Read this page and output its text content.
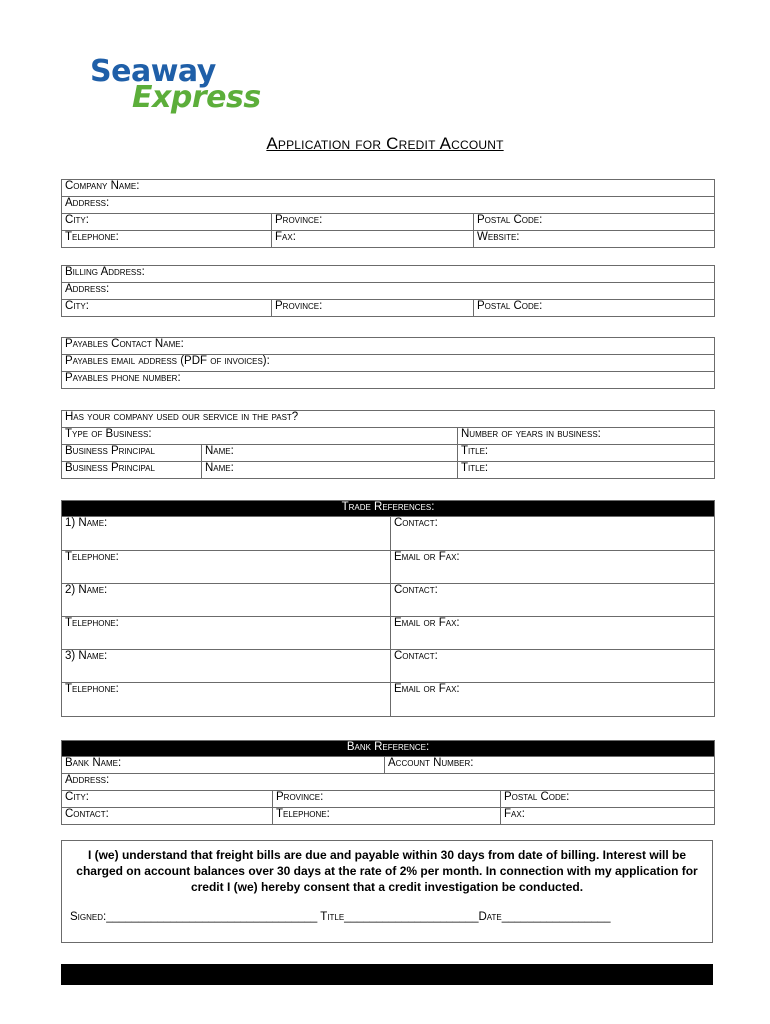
Seaway
Express
Application for Credit Account
Company Name:		
Address:		
City:	Province:	Postal Code:
Telephone:	Fax:	Website:
Billing Address:
Address:
City:	Province:	Postal Code:
Payables Contact Name:
Payables email address (PDF of invoices):
Payables phone number:
Has your company used our service in the past?		
Type of Business:		Number of years in business:
Business Principal	Name:	Title:
Business Principal	Name:	Title:
Trade References:	
1) Name:	Contact:
Telephone:	Email or Fax:
2) Name:	Contact:
Telephone:	Email or Fax:
3) Name:	Contact:
Telephone:	Email or Fax:
Bank Reference:			
Bank Name:		Account Number:	
Address:			
City:	Province:		Postal Code:
Contact:	Telephone:		Fax:
I (we) understand that freight bills are due and payable within 30 days from date of billing. Interest will be charged on account balances over 30 days at the rate of 2% per month. In connection with my application for credit I (we) hereby consent that a credit investigation be conducted.
Signed:_________________________________ Title_____________________Date_________________
